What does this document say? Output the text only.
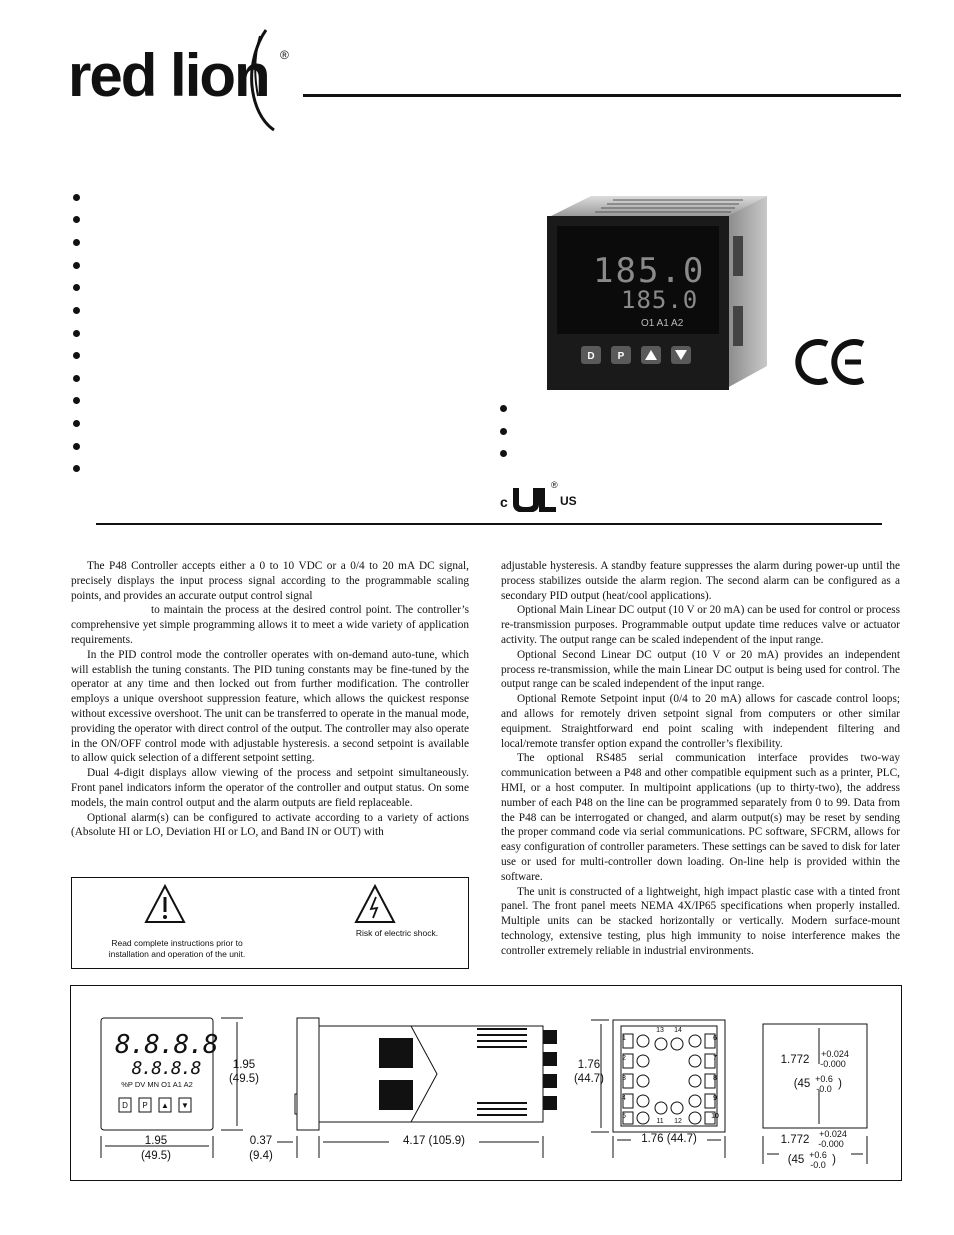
red lion ®
185.0
185.0
O1 A1 A2
D P
c	US
®

The P48 Controller accepts either a 0 to 10 VDC or a 0/4 to 20 mA DC signal, precisely displays the input process signal according to the programmable scaling points, and provides an accurate output control signal

to maintain the process at the desired control point. The controller’s comprehensive yet simple programming allows it to meet a wide variety of application requirements.

In the PID control mode the controller operates with on-demand auto-tune, which will establish the tuning constants. The PID tuning constants may be fine-tuned by the operator at any time and then locked out from further modification. The controller employs a unique overshoot suppression feature, which allows the quickest response without excessive overshoot. The unit can be transferred to operate in the manual mode, providing the operator with direct control of the output. The controller may also operate in the ON/OFF control mode with adjustable hysteresis. a second setpoint is available to allow quick selection of a different setpoint setting.

Dual 4-digit displays allow viewing of the process and setpoint simultaneously. Front panel indicators inform the operator of the controller and output status. On some models, the main control output and the alarm outputs are field replaceable.

Optional alarm(s) can be configured to activate according to a variety of actions (Absolute HI or LO, Deviation HI or LO, and Band IN or OUT) with

adjustable hysteresis. A standby feature suppresses the alarm during power-up until the process stabilizes outside the alarm region. The second alarm can be configured as a secondary PID output (heat/cool applications).

Optional Main Linear DC output (10 V or 20 mA) can be used for control or process re-transmission purposes. Programmable output update time reduces valve or actuator activity. The output range can be scaled independent of the input range.

Optional Second Linear DC output (10 V or 20 mA) provides an independent process re-transmission, while the main Linear DC output is being used for control. The output range can be scaled independent of the input range.

Optional Remote Setpoint input (0/4 to 20 mA) allows for cascade control loops; and allows for remotely driven setpoint signal from computers or other similar equipment. Straightforward end point scaling with independent filtering and local/remote transfer option expand the controller’s flexibility.

The optional RS485 serial communication interface provides two-way communication between a P48 and other compatible equipment such as a printer, PLC, HMI, or a host computer. In multipoint applications (up to thirty-two), the address number of each P48 on the line can be programmed separately from 0 to 99. Data from the P48 can be interrogated or changed, and alarm output(s) may be reset by sending the proper command code via serial communications. PC software, SFCRM, allows for easy configuration of controller parameters. These settings can be saved to disk for later use or used for multi-controller down loading. On-line help is provided within the software.

The unit is constructed of a lightweight, high impact plastic case with a tinted front panel. The front panel meets NEMA 4X/IP65 specifications when properly installed. Multiple units can be stacked horizontally or vertically. Modern surface-mount technology, extensive testing, plus high immunity to noise interference makes the controller extremely reliable in industrial environments.

Read complete instructions prior to
installation and operation of the unit.
Risk of electric shock.
8.8.8.8
8.8.8.8
%P DV MN O1 A1 A2
D	P	▲ ▼
1.95
(49.5)
1.95
(49.5)
0.37
(9.4)
4.17 (105.9)
1.76
(44.7)
1.76 (44.7)
1
2
3
4
5
6
7
8
9
10
13	14
11	12
1.772	+0.024
-0.000
(45 +0.6
-0.0 )
1.772	+0.024
-0.000
(45 +0.6
-0.0 )
